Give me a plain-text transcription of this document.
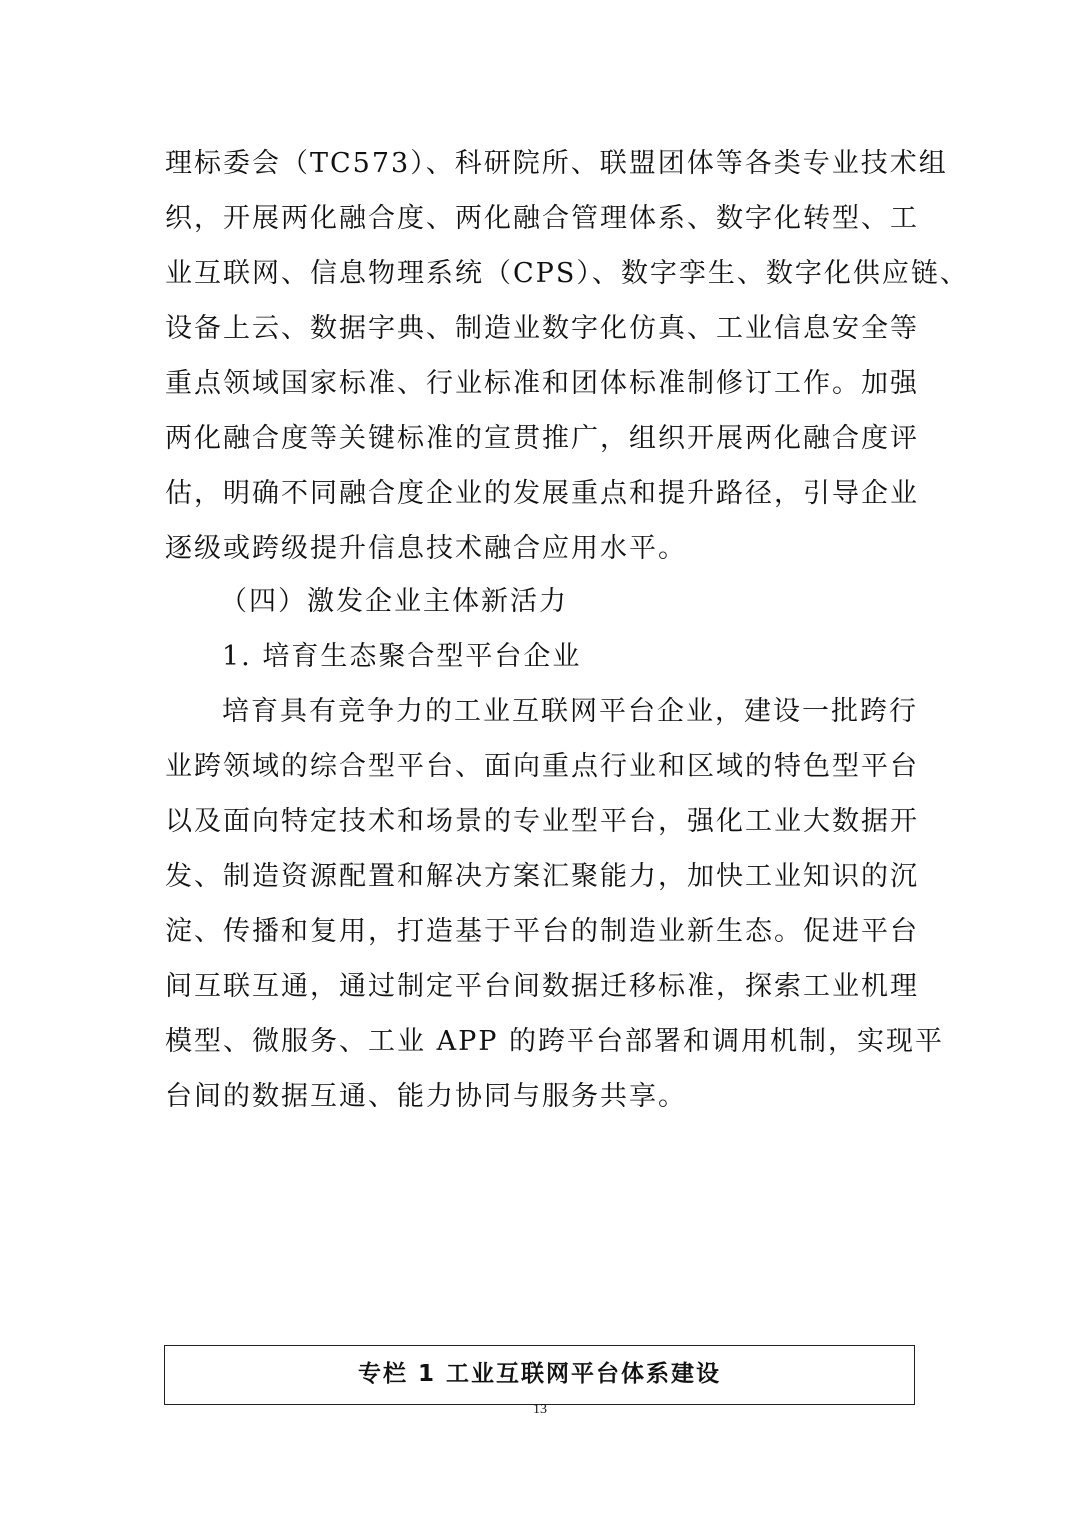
理标委会（TC573）、科研院所、联盟团体等各类专业技术组
织，开展两化融合度、两化融合管理体系、数字化转型、工
业互联网、信息物理系统（CPS）、数字孪生、数字化供应链、
设备上云、数据字典、制造业数字化仿真、工业信息安全等
重点领域国家标准、行业标准和团体标准制修订工作。加强
两化融合度等关键标准的宣贯推广，组织开展两化融合度评
估，明确不同融合度企业的发展重点和提升路径，引导企业
逐级或跨级提升信息技术融合应用水平。
（四）激发企业主体新活力
1. 培育生态聚合型平台企业
培育具有竞争力的工业互联网平台企业，建设一批跨行
业跨领域的综合型平台、面向重点行业和区域的特色型平台
以及面向特定技术和场景的专业型平台，强化工业大数据开
发、制造资源配置和解决方案汇聚能力，加快工业知识的沉
淀、传播和复用，打造基于平台的制造业新生态。促进平台
间互联互通，通过制定平台间数据迁移标准，探索工业机理
模型、微服务、工业 APP 的跨平台部署和调用机制，实现平
台间的数据互通、能力协同与服务共享。
专栏 1 工业互联网平台体系建设
13
